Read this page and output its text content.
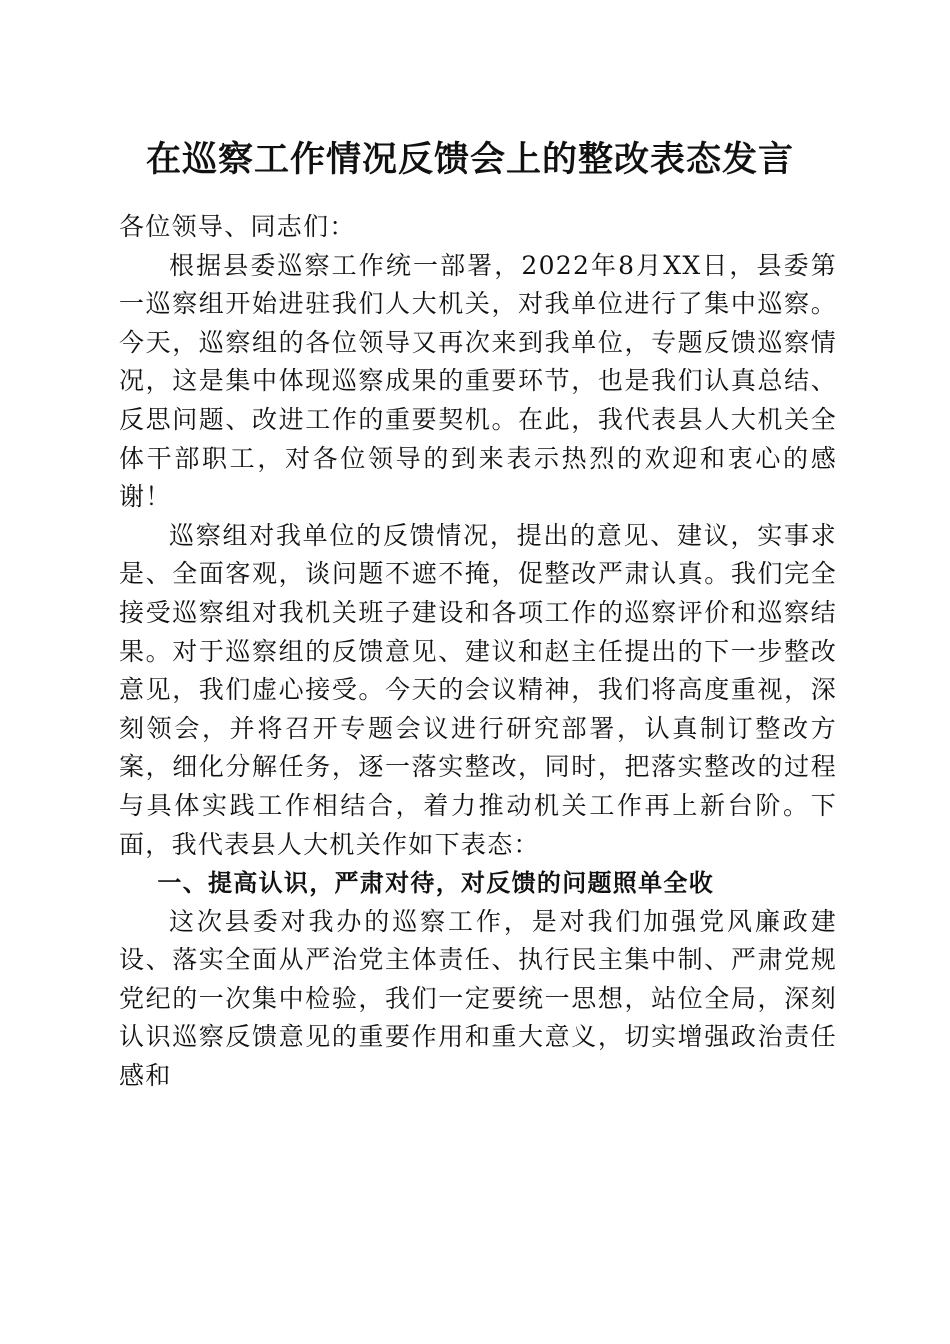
在巡察工作情况反馈会上的整改表态发言

各位领导、同志们：

根据县委巡察工作统一部署，2022年8月XX日，县委第一巡察组开始进驻我们人大机关，对我单位进行了集中巡察。今天，巡察组的各位领导又再次来到我单位，专题反馈巡察情况，这是集中体现巡察成果的重要环节，也是我们认真总结、反思问题、改进工作的重要契机。在此，我代表县人大机关全体干部职工，对各位领导的到来表示热烈的欢迎和衷心的感谢！

巡察组对我单位的反馈情况，提出的意见、建议，实事求是、全面客观，谈问题不遮不掩，促整改严肃认真。我们完全接受巡察组对我机关班子建设和各项工作的巡察评价和巡察结果。对于巡察组的反馈意见、建议和赵主任提出的下一步整改意见，我们虚心接受。今天的会议精神，我们将高度重视，深刻领会，并将召开专题会议进行研究部署，认真制订整改方案，细化分解任务，逐一落实整改，同时，把落实整改的过程与具体实践工作相结合，着力推动机关工作再上新台阶。下面，我代表县人大机关作如下表态：

一、提高认识，严肃对待，对反馈的问题照单全收

这次县委对我办的巡察工作，是对我们加强党风廉政建设、落实全面从严治党主体责任、执行民主集中制、严肃党规党纪的一次集中检验，我们一定要统一思想，站位全局，深刻认识巡察反馈意见的重要作用和重大意义，切实增强政治责任感和
